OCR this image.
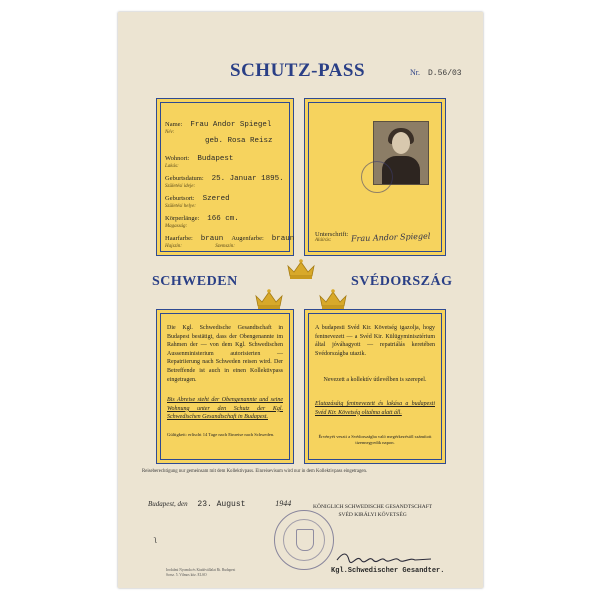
SCHUTZ-PASS	Nr. D.56/03
Name: Frau Andor Spiegel
Név:
geb. Rosa Reisz
Wohnort: Budapest
Lakás:
Geburtsdatum: 25. Januar 1895.
Születési ideje:
Geburtsort: Szered
Születési helye:
Körperlänge: 166 cm.
Magasság:
Haarfarbe: braun Augenfarbe: braun
Hajszín:	Szemszín:
Unterschrift:
Aláírás:	Frau Andor Spiegel
SCHWEDEN	SVÉDORSZÁG
Die Kgl. Schwedische Gesandtschaft in Budapest bestätigt, dass der Obengenannte im Rahmen der — von dem Kgl. Schwedischen Aussenministerium autorisierten — Repatriierung nach Schweden reisen wird. Der Betreffende ist auch in einen Kollektivpass eingetragen.
Bis Abreise steht der Obengenannte und seine Wohnung unter den Schutz der Kgl. Schwedischen Gesandtschaft in Budapest.
Gültigkeit: erlischt 14 Tage nach Einreise nach Schweden.
A budapesti Svéd Kir. Követség igazolja, hogy fentnevezett — a Svéd Kir. Külügyminisztérium által jóváhagyott — repatriálás keretében Svédországba utazik.
Nevezett a kollektív útlevélben is szerepel.
Elutazásáig fentnevezett és lakása a budapesti Svéd Kir. Követség oltalma alatt áll.
Érvényét veszti a Svédországba való megérkezéstől számított tizennegyedik napon.
Reiseberechtigung nur gemeinsam mit dem Kollektivpass. Einreisevisum wird nur in dem Kollektivpass eingetragen.
Budapest, den 23. August	1944	KÖNIGLICH SCHWEDISCHE GESANDTSCHAFT
SVÉD KIRÁLYI KÖVETSÉG
Kgl.Schwedischer Gesandter.
ʅ
Irodalmi Nyomda és Kiadóvállalat Rt. Budapest
Sorsz. 5. Vilmos köz. ELSO
